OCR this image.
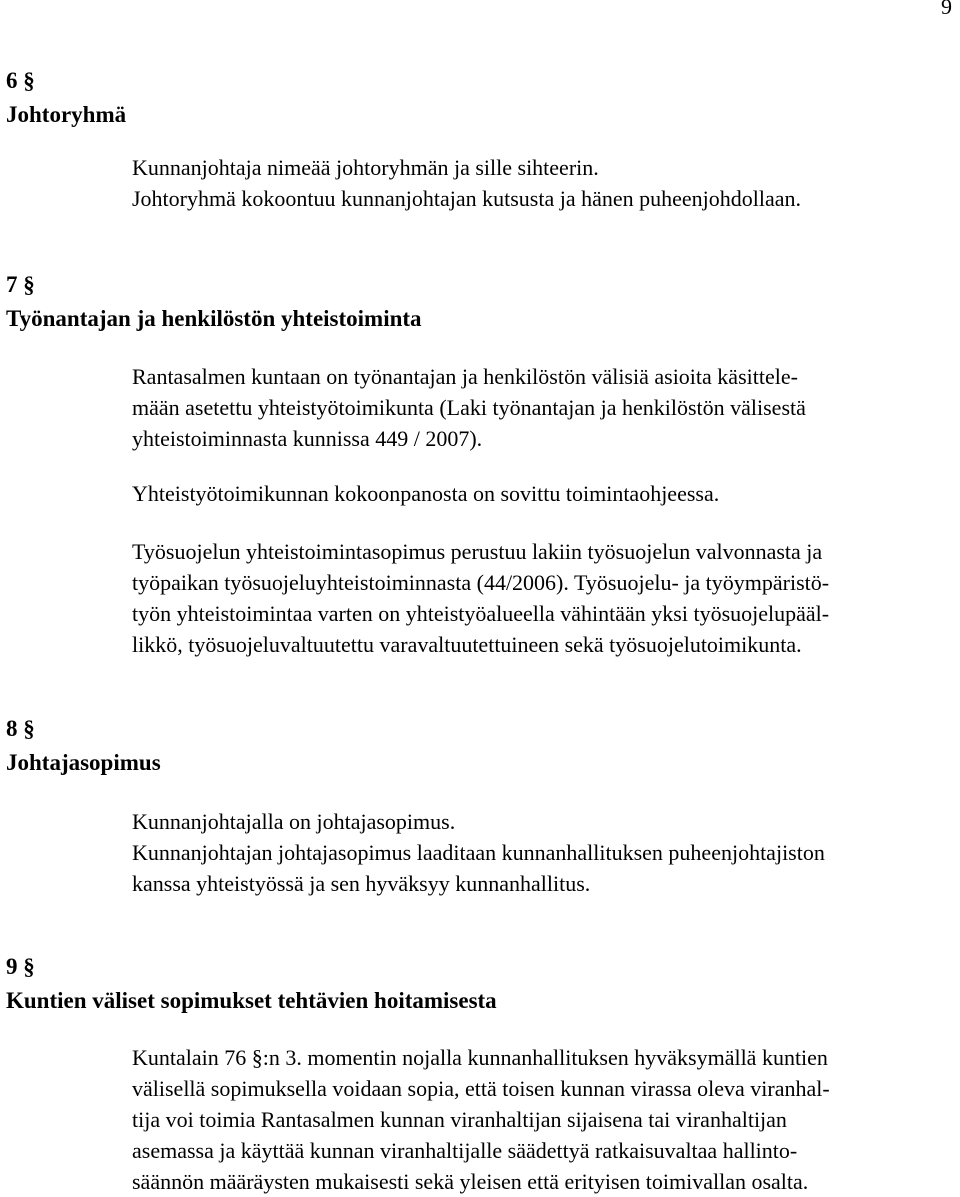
9
6 §
Johtoryhmä

Kunnanjohtaja nimeää johtoryhmän ja sille sihteerin.
Johtoryhmä kokoontuu kunnanjohtajan kutsusta ja hänen puheenjohdollaan.

7 §
Työnantajan ja henkilöstön yhteistoiminta

Rantasalmen kuntaan on työnantajan ja henkilöstön välisiä asioita käsittele-
mään asetettu yhteistyötoimikunta (Laki työnantajan ja henkilöstön välisestä
yhteistoiminnasta kunnissa 449 / 2007).

Yhteistyötoimikunnan kokoonpanosta on sovittu toimintaohjeessa.

Työsuojelun yhteistoimintasopimus perustuu lakiin työsuojelun valvonnasta ja
työpaikan työsuojeluyhteistoiminnasta (44/2006). Työsuojelu- ja työympäristö-
työn yhteistoimintaa varten on yhteistyöalueella vähintään yksi työsuojelupääl-
likkö, työsuojeluvaltuutettu varavaltuutettuineen sekä työsuojelutoimikunta.

8 §
Johtajasopimus

Kunnanjohtajalla on johtajasopimus.
Kunnanjohtajan johtajasopimus laaditaan kunnanhallituksen puheenjohtajiston
kanssa yhteistyössä ja sen hyväksyy kunnanhallitus.

9 §
Kuntien väliset sopimukset tehtävien hoitamisesta

Kuntalain 76 §:n 3. momentin nojalla kunnanhallituksen hyväksymällä kuntien
välisellä sopimuksella voidaan sopia, että toisen kunnan virassa oleva viranhal-
tija voi toimia Rantasalmen kunnan viranhaltijan sijaisena tai viranhaltijan
asemassa ja käyttää kunnan viranhaltijalle säädettyä ratkaisuvaltaa hallinto-
säännön määräysten mukaisesti sekä yleisen että erityisen toimivallan osalta.
